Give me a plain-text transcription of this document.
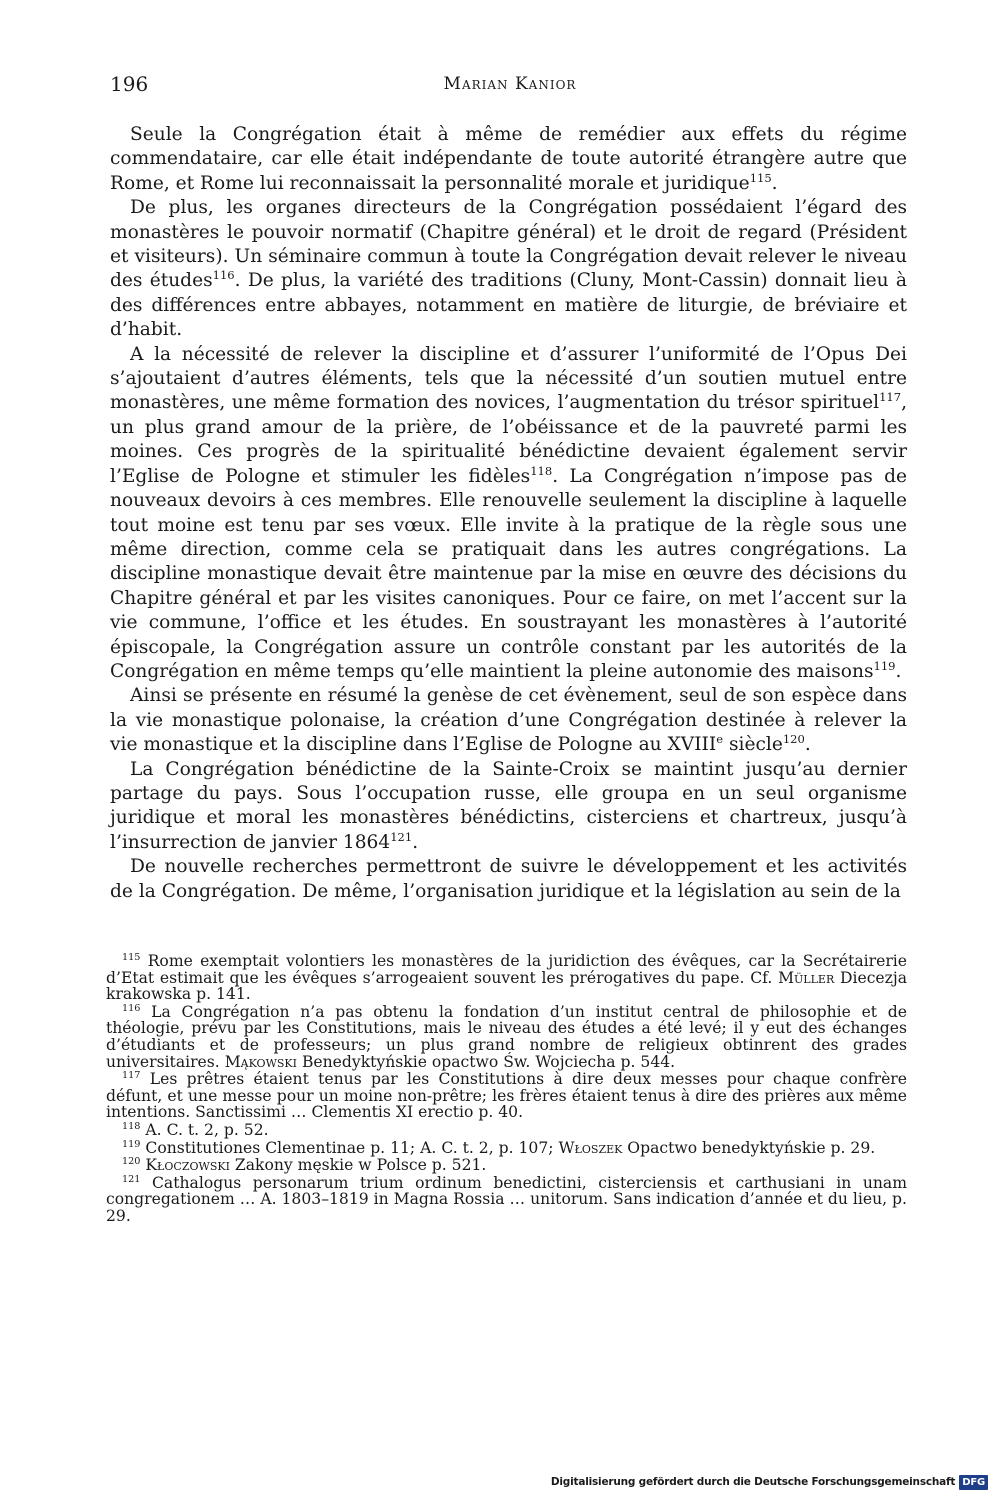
196	Marian Kanior

Seule la Congrégation était à même de remédier aux effets du régime commendataire, car elle était indépendante de toute autorité étrangère autre que Rome, et Rome lui reconnaissait la personnalité morale et juridique$^{115}$.

De plus, les organes directeurs de la Congrégation possédaient l’égard des monastères le pouvoir normatif (Chapitre général) et le droit de regard (Président et visiteurs). Un séminaire commun à toute la Congrégation devait relever le niveau des études$^{116}$. De plus, la variété des traditions (Cluny, Mont-Cassin) donnait lieu à des différences entre abbayes, notamment en matière de liturgie, de bréviaire et d’habit.

A la nécessité de relever la discipline et d’assurer l’uniformité de l’Opus Dei s’ajoutaient d’autres éléments, tels que la nécessité d’un soutien mutuel entre monastères, une même formation des novices, l’augmentation du trésor spirituel$^{117}$, un plus grand amour de la prière, de l’obéissance et de la pauvreté parmi les moines. Ces progrès de la spiritualité bénédictine devaient également servir l’Eglise de Pologne et stimuler les fidèles$^{118}$. La Congrégation n’impose pas de nouveaux devoirs à ces membres. Elle renouvelle seulement la discipline à laquelle tout moine est tenu par ses vœux. Elle invite à la pratique de la règle sous une même direction, comme cela se pratiquait dans les autres congrégations. La discipline monastique devait être maintenue par la mise en œuvre des décisions du Chapitre général et par les visites canoniques. Pour ce faire, on met l’accent sur la vie commune, l’office et les études. En soustrayant les monastères à l’autorité épiscopale, la Congrégation assure un contrôle constant par les autorités de la Congrégation en même temps qu’elle maintient la pleine autonomie des maisons$^{119}$.

Ainsi se présente en résumé la genèse de cet évènement, seul de son espèce dans la vie monastique polonaise, la création d’une Congrégation destinée à relever la vie monastique et la discipline dans l’Eglise de Pologne au XVIIIe siècle$^{120}$.

La Congrégation bénédictine de la Sainte-Croix se maintint jusqu’au dernier partage du pays. Sous l’occupation russe, elle groupa en un seul organisme juridique et moral les monastères bénédictins, cisterciens et chartreux, jusqu’à l’insurrection de janvier 1864$^{121}$.

De nouvelle recherches permettront de suivre le développement et les activités de la Congrégation. De même, l’organisation juridique et la législation au sein de la

$^{115}$ Rome exemptait volontiers les monastères de la juridiction des évêques, car la Secrétairerie d’Etat estimait que les évêques s’arrogeaient souvent les prérogatives du pape. Cf. Müller Diecezja krakowska p. 141.

$^{116}$ La Congrégation n’a pas obtenu la fondation d’un institut central de philosophie et de théologie, prévu par les Constitutions, mais le niveau des études a été levé; il y eut des échanges d’étudiants et de professeurs; un plus grand nombre de religieux obtinrent des grades universitaires. Mąkowski Benedyktyńskie opactwo Św. Wojciecha p. 544.

$^{117}$ Les prêtres étaient tenus par les Constitutions à dire deux messes pour chaque confrère défunt, et une messe pour un moine non-prêtre; les frères étaient tenus à dire des prières aux même intentions. Sanctissimi … Clementis XI erectio p. 40.

$^{118}$ A. C. t. 2, p. 52.

$^{119}$ Constitutiones Clementinae p. 11; A. C. t. 2, p. 107; Włoszek Opactwo benedyktyńskie p. 29.

$^{120}$ Kłoczowski Zakony męskie w Polsce p. 521.

$^{121}$ Cathalogus personarum trium ordinum benedictini, cisterciensis et carthusiani in unam congregationem … A. 1803–1819 in Magna Rossia … unitorum. Sans indication d’année et du lieu, p. 29.

Digitalisierung gefördert durch die Deutsche Forschungsgemeinschaft DFG
